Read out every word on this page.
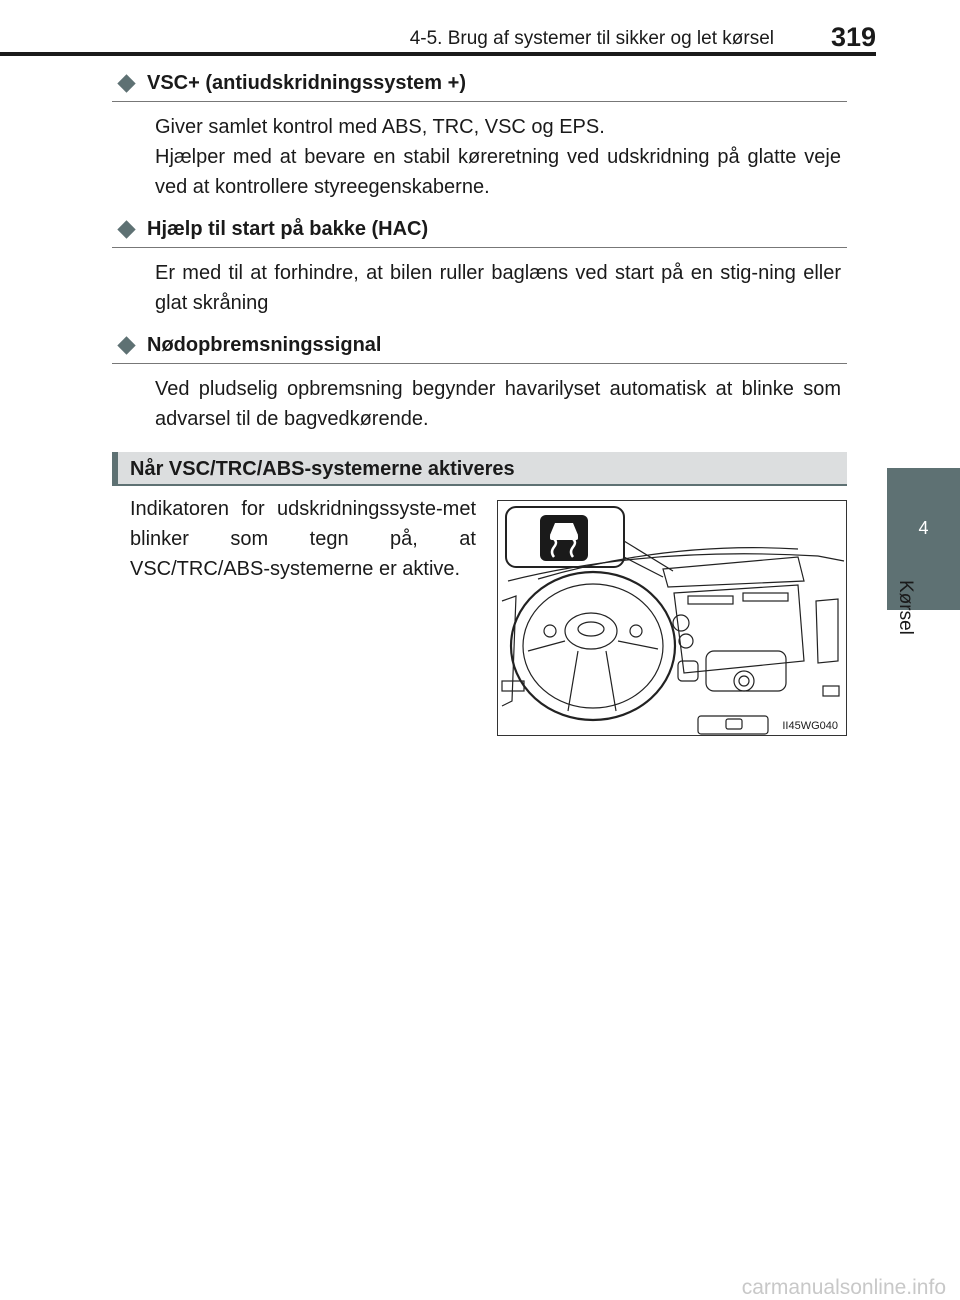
4-5. Brug af systemer til sikker og let kørsel 319
4
Kørsel
VSC+ (antiudskridningssystem +)

Giver samlet kontrol med ABS, TRC, VSC og EPS.

Hjælper med at bevare en stabil køreretning ved udskridning på glatte veje ved at kontrollere styreegenskaberne.

Hjælp til start på bakke (HAC)

Er med til at forhindre, at bilen ruller baglæns ved start på en stig-ning eller glat skråning

Nødopbremsningssignal

Ved pludselig opbremsning begynder havarilyset automatisk at blinke som advarsel til de bagvedkørende.

Når VSC/TRC/ABS-systemerne aktiveres

Indikatoren for udskridningssyste-met blinker som tegn på, at VSC/TRC/ABS-systemerne er aktive.

II45WG040
carmanualsonline.info
